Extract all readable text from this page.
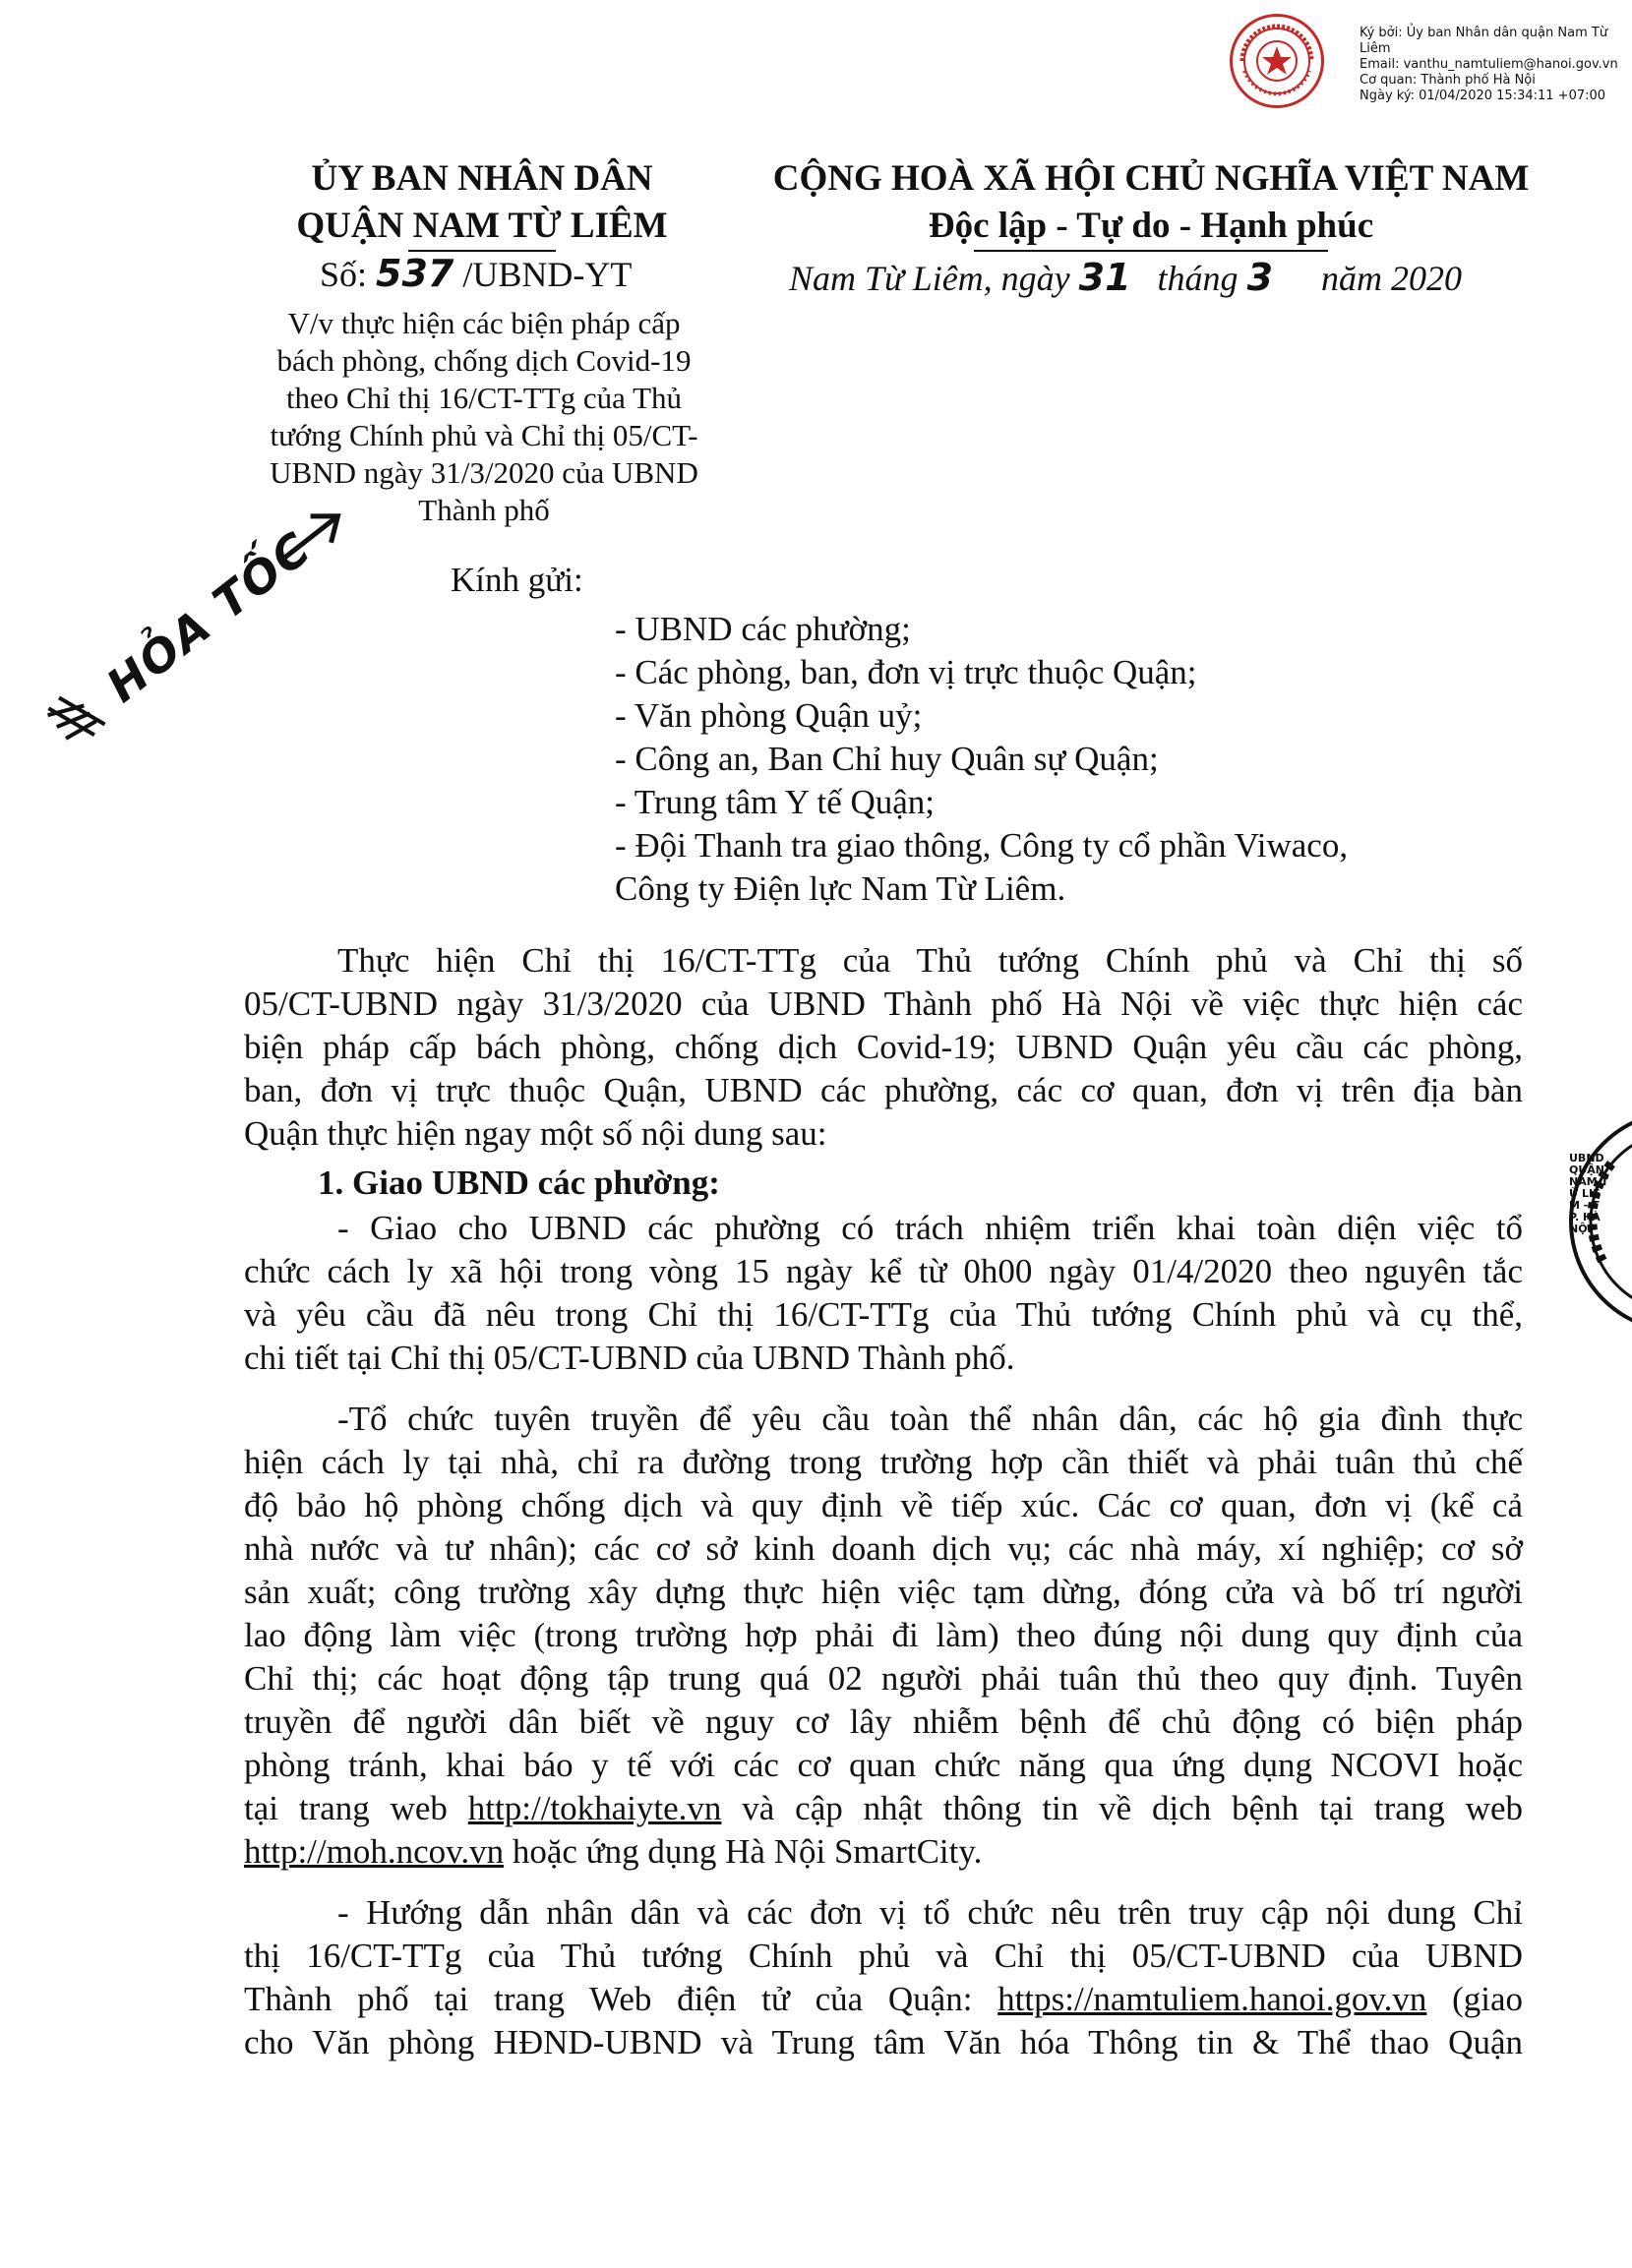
Ký bởi: Ủy ban Nhân dân quận Nam Từ Liêm
Email: vanthu_namtuliem@hanoi.gov.vn
Cơ quan: Thành phố Hà Nội
Ngày ký: 01/04/2020 15:34:11 +07:00
UBND QUẬN NAM TỪ LIÊM - TP. HÀ NỘI
ỦY BAN NHÂN DÂN
QUẬN NAM TỪ LIÊM
Số: 537 /UBND-YT
V/v thực hiện các biện pháp cấp
bách phòng, chống dịch Covid-19
theo Chỉ thị 16/CT-TTg của Thủ
tướng Chính phủ và Chỉ thị 05/CT-
UBND ngày 31/3/2020 của UBND
Thành phố
CỘNG HOÀ XÃ HỘI CHỦ NGHĨA VIỆT NAM
Độc lập - Tự do - Hạnh phúc
Nam Từ Liêm, ngày 31 tháng 3 năm 2020
HỎA TỐC	Kính gửi:
- UBND các phường;
- Các phòng, ban, đơn vị trực thuộc Quận;
- Văn phòng Quận uỷ;
- Công an, Ban Chỉ huy Quân sự Quận;
- Trung tâm Y tế Quận;
- Đội Thanh tra giao thông, Công ty cổ phần Viwaco,
Công ty Điện lực Nam Từ Liêm.
Thực hiện Chỉ thị 16/CT-TTg của Thủ tướng Chính phủ và Chỉ thị số
05/CT-UBND ngày 31/3/2020 của UBND Thành phố Hà Nội về việc thực hiện các
biện pháp cấp bách phòng, chống dịch Covid-19; UBND Quận yêu cầu các phòng,
ban, đơn vị trực thuộc Quận, UBND các phường, các cơ quan, đơn vị trên địa bàn
Quận thực hiện ngay một số nội dung sau:
1. Giao UBND các phường:
- Giao cho UBND các phường có trách nhiệm triển khai toàn diện việc tổ
chức cách ly xã hội trong vòng 15 ngày kể từ 0h00 ngày 01/4/2020 theo nguyên tắc
và yêu cầu đã nêu trong Chỉ thị 16/CT-TTg của Thủ tướng Chính phủ và cụ thể,
chi tiết tại Chỉ thị 05/CT-UBND của UBND Thành phố.
-Tổ chức tuyên truyền để yêu cầu toàn thể nhân dân, các hộ gia đình thực
hiện cách ly tại nhà, chỉ ra đường trong trường hợp cần thiết và phải tuân thủ chế
độ bảo hộ phòng chống dịch và quy định về tiếp xúc. Các cơ quan, đơn vị (kể cả
nhà nước và tư nhân); các cơ sở kinh doanh dịch vụ; các nhà máy, xí nghiệp; cơ sở
sản xuất; công trường xây dựng thực hiện việc tạm dừng, đóng cửa và bố trí người
lao động làm việc (trong trường hợp phải đi làm) theo đúng nội dung quy định của
Chỉ thị; các hoạt động tập trung quá 02 người phải tuân thủ theo quy định. Tuyên
truyền để người dân biết về nguy cơ lây nhiễm bệnh để chủ động có biện pháp
phòng tránh, khai báo y tế với các cơ quan chức năng qua ứng dụng NCOVI hoặc
tại trang web http://tokhaiyte.vn và cập nhật thông tin về dịch bệnh tại trang web
http://moh.ncov.vn hoặc ứng dụng Hà Nội SmartCity.
- Hướng dẫn nhân dân và các đơn vị tổ chức nêu trên truy cập nội dung Chỉ
thị 16/CT-TTg của Thủ tướng Chính phủ và Chỉ thị 05/CT-UBND của UBND
Thành phố tại trang Web điện tử của Quận: https://namtuliem.hanoi.gov.vn (giao
cho Văn phòng HĐND-UBND và Trung tâm Văn hóa Thông tin & Thể thao Quận
